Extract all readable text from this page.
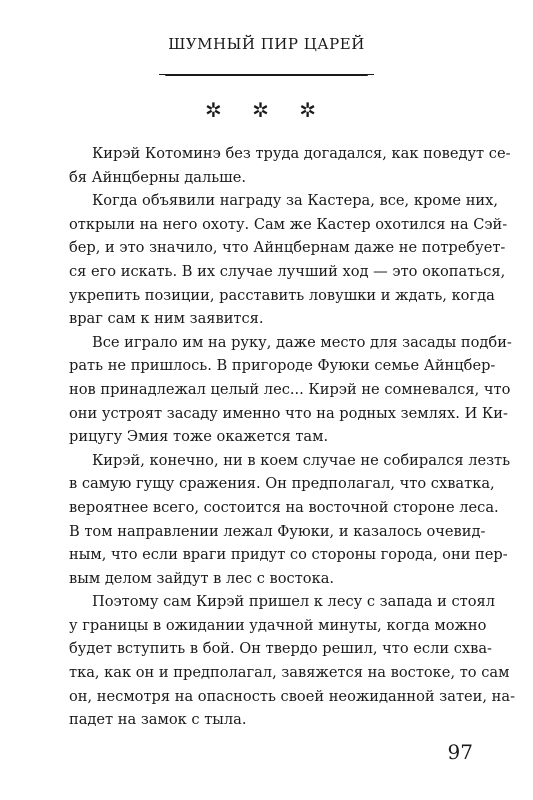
ШУМНЫЙ ПИР ЦАРЕЙ
✲ ✲ ✲
Кирэй Котоминэ без труда догадался, как поведут се-
бя Айнцберны дальше.
Когда объявили награду за Кастера, все, кроме них,
открыли на него охоту. Сам же Кастер охотился на Сэй-
бер, и это значило, что Айнцбернам даже не потребует-
ся его искать. В их случае лучший ход — это окопаться,
укрепить позиции, расставить ловушки и ждать, когда
враг сам к ним заявится.
Все играло им на руку, даже место для засады подби-
рать не пришлось. В пригороде Фуюки семье Айнцбер-
нов принадлежал целый лес... Кирэй не сомневался, что
они устроят засаду именно что на родных землях. И Ки-
рицугу Эмия тоже окажется там.
Кирэй, конечно, ни в коем случае не собирался лезть
в самую гущу сражения. Он предполагал, что схватка,
вероятнее всего, состоится на восточной стороне леса.
В том направлении лежал Фуюки, и казалось очевид-
ным, что если враги придут со стороны города, они пер-
вым делом зайдут в лес с востока.
Поэтому сам Кирэй пришел к лесу с запада и стоял
у границы в ожидании удачной минуты, когда можно
будет вступить в бой. Он твердо решил, что если схва-
тка, как он и предполагал, завяжется на востоке, то сам
он, несмотря на опасность своей неожиданной затеи, на-
падет на замок с тыла.
97
